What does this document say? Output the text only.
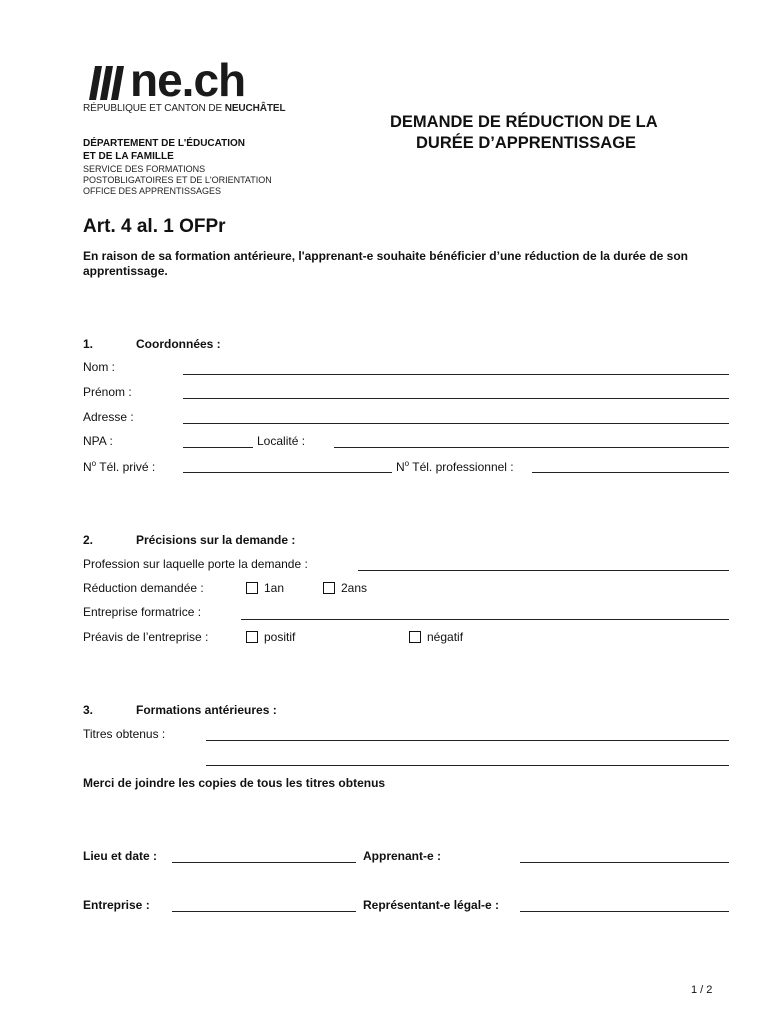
ne.ch
RÉPUBLIQUE ET CANTON DE NEUCHÂTEL
DÉPARTEMENT DE L'ÉDUCATION
ET DE LA FAMILLE
SERVICE DES FORMATIONS
POSTOBLIGATOIRES ET DE L'ORIENTATION
OFFICE DES APPRENTISSAGES
DEMANDE DE RÉDUCTION DE LA
DURÉE D’APPRENTISSAGE
Art. 4 al. 1 OFPr
En raison de sa formation antérieure, l'apprenant-e souhaite bénéficier d’une réduction de la durée de son apprentissage.
1.	Coordonnées :
Nom :
Prénom :
Adresse :
NPA :	Localité :
$N^o$ Tél. privé :	$N^o$ Tél. professionnel :
2.	Précisions sur la demande :
Profession sur laquelle porte la demande :
Réduction demandée :	1an	2ans
Entreprise formatrice :
Préavis de l’entreprise :	positif	négatif
3.	Formations antérieures :
Titres obtenus :
Merci de joindre les copies de tous les titres obtenus
Lieu et date :	Apprenant-e :
Entreprise :	Représentant-e légal-e :
1 / 2
